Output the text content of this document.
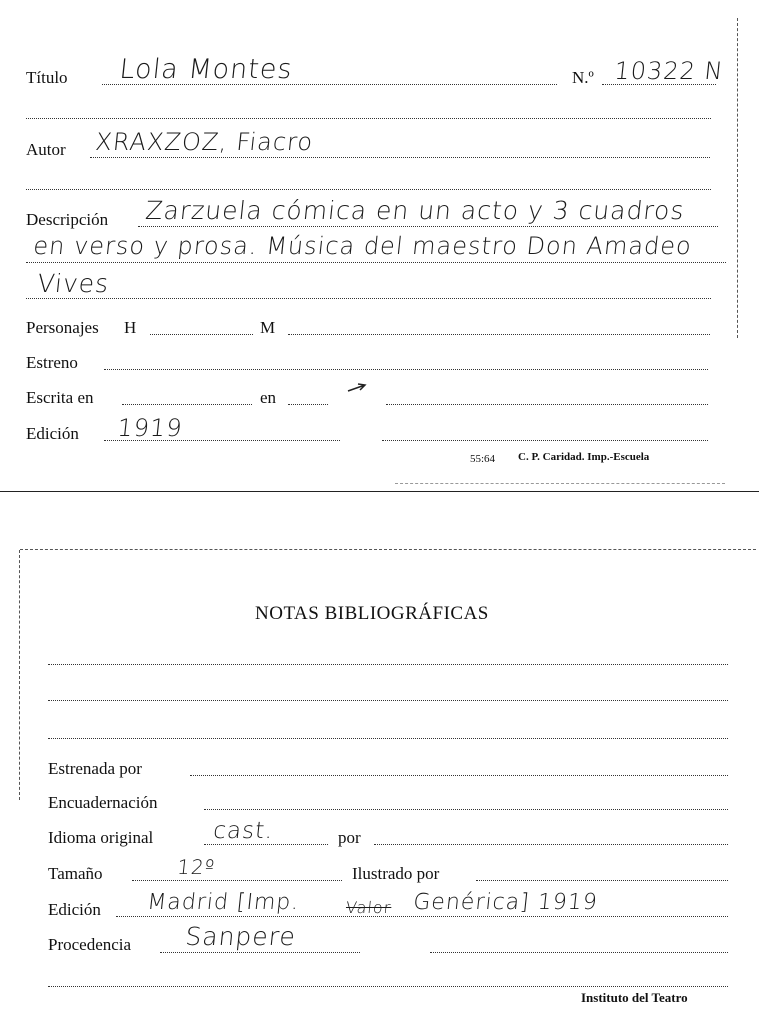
Título Lola Montes	N.º 10322 N
Autor XRAXZOZ, Fiacro
Descripción Zarzuela cómica en un acto y 3 cuadros
en verso y prosa. Música del maestro Don Amadeo
Vives
Personajes H	M
Estreno
Escrita en	en
Edición 1919
55:64 C. P. Caridad. Imp.-Escuela
NOTAS BIBLIOGRÁFICAS
Estrenada por
Encuadernación
Idioma original	cast.	por
Tamaño	12º	Ilustrado por
Edición Madrid [Imp.	Valor Genérica] 1919
Procedencia Sanpere
Instituto del Teatro
